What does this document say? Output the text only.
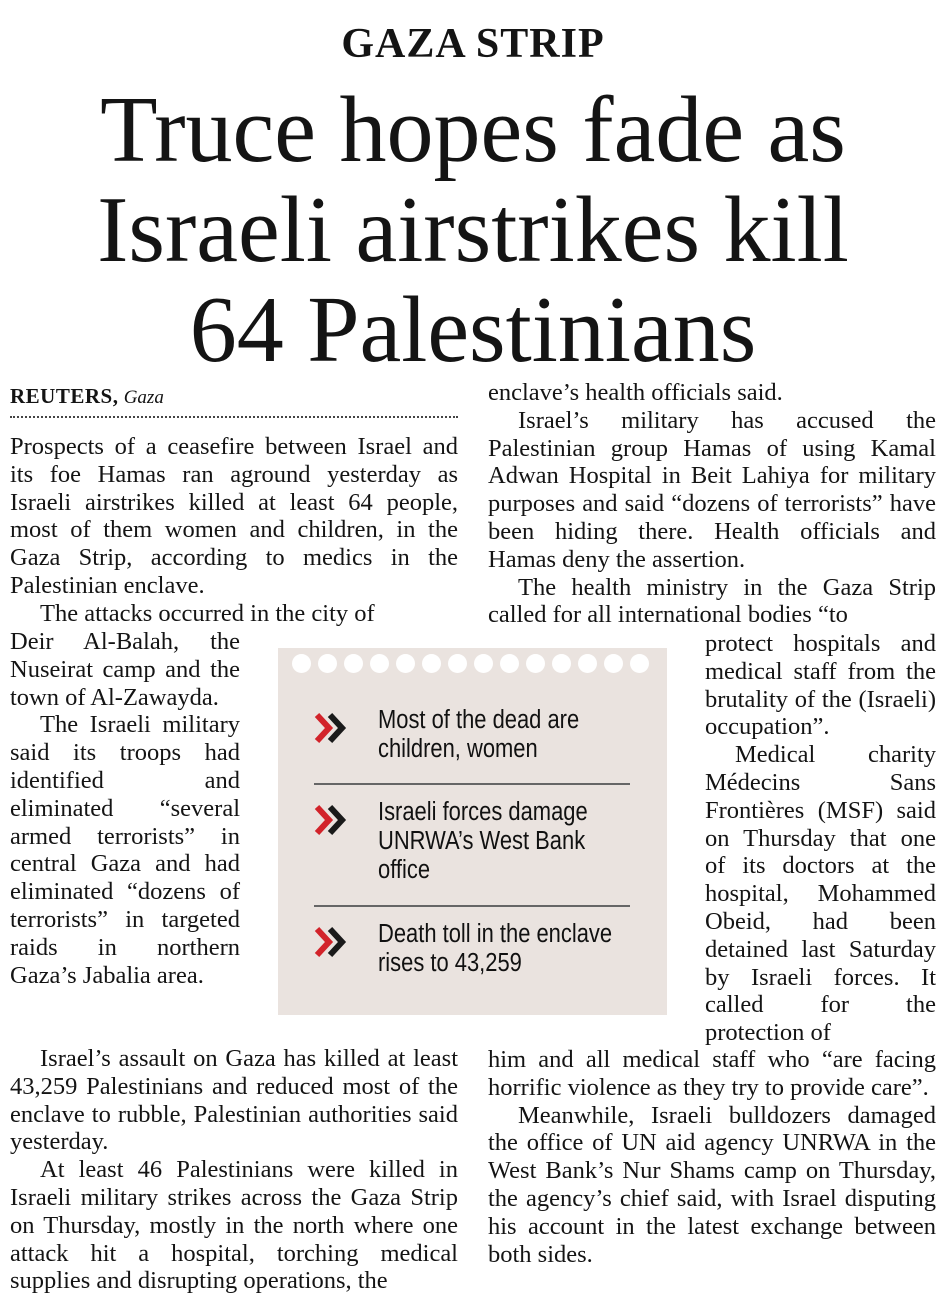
GAZA STRIP
Truce hopes fade as
Israeli airstrikes kill
64 Palestinians
REUTERS, Gaza

Prospects of a ceasefire between Israel and its foe Hamas ran aground yesterday as Israeli airstrikes killed at least 64 people, most of them women and children, in the Gaza Strip, according to medics in the Palestinian enclave.

The attacks occurred in the city of

Deir Al-Balah, the Nuseirat camp and the town of Al-Zawayda.

The Israeli military said its troops had identified and eliminated “several armed terrorists” in central Gaza and had eliminated “dozens of terrorists” in targeted raids in northern Gaza’s Jabalia area.

Israel’s assault on Gaza has killed at least 43,259 Palestinians and reduced most of the enclave to rubble, Palestinian authorities said yesterday.

At least 46 Palestinians were killed in Israeli military strikes across the Gaza Strip on Thursday, mostly in the north where one attack hit a hospital, torching medical supplies and disrupting operations, the

enclave’s health officials said.

Israel’s military has accused the Palestinian group Hamas of using Kamal Adwan Hospital in Beit Lahiya for military purposes and said “dozens of terrorists” have been hiding there. Health officials and Hamas deny the assertion.

The health ministry in the Gaza Strip called for all international bodies “to

protect hospitals and medical staff from the brutality of the (Israeli) occupation”.

Medical charity Médecins Sans Frontières (MSF) said on Thursday that one of its doctors at the hospital, Mohammed Obeid, had been detained last Saturday by Israeli forces. It called for the protection of

him and all medical staff who “are facing horrific violence as they try to provide care”.

Meanwhile, Israeli bulldozers damaged the office of UN aid agency UNRWA in the West Bank’s Nur Shams camp on Thursday, the agency’s chief said, with Israel disputing his account in the latest exchange between both sides.

Most of the dead are
children, women
Israeli forces damage
UNRWA’s West Bank
office
Death toll in the enclave
rises to 43,259
